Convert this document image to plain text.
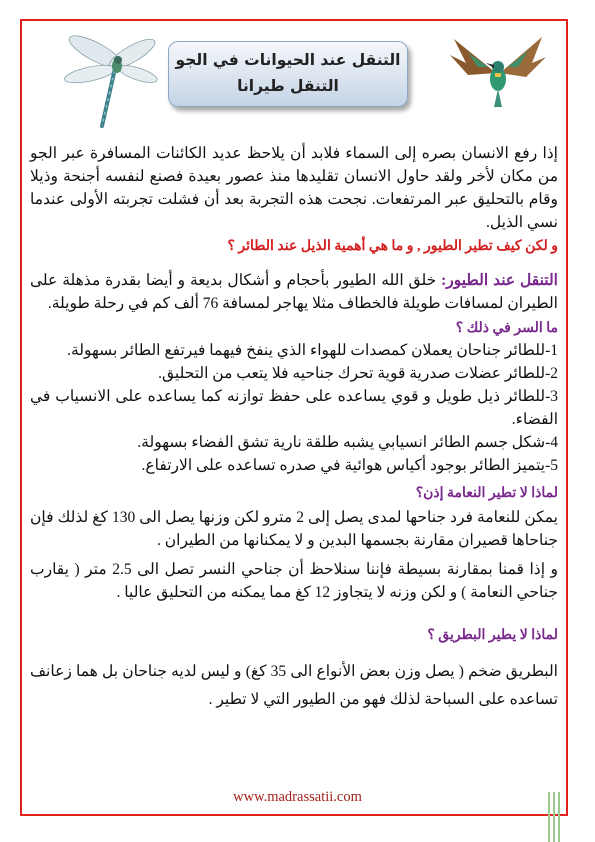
التنقل عند الحيوانات في الجو
التنقل طيرانا
إذا رفع الانسان بصره إلى السماء فلابد أن يلاحظ عديد الكائنات المسافرة عبر الجو من مكان لأخر ولقد حاول الانسان تقليدها منذ عصور بعيدة فصنع لنفسه أجنحة وذيلا وقام بالتحليق عبر المرتفعات. نجحت هذه التجربة بعد أن فشلت تجربته الأولى عندما نسي الذيل.
و لكن كيف تطير الطيور , و ما هي أهمية الذيل عند الطائر ؟
التنقل عند الطيور: خلق الله الطيور بأحجام و أشكال بديعة و أيضا بقدرة مذهلة على الطيران لمسافات طويلة فالخطاف مثلا يهاجر لمسافة 76 ألف كم في رحلة طويلة.
ما السر في ذلك ؟
1-للطائر جناحان يعملان كمصدات للهواء الذي ينفخ فيهما فيرتفع الطائر بسهولة.
2-للطائر عضلات صدرية قوية تحرك جناحيه فلا يتعب من التحليق.
3-للطائر ذيل طويل و قوي يساعده على حفظ توازنه كما يساعده على الانسياب في الفضاء.
4-شكل جسم الطائر انسيابي يشبه طلقة نارية تشق الفضاء بسهولة.
5-يتميز الطائر بوجود أكياس هوائية في صدره تساعده على الارتفاع.
لماذا لا تطير النعامة إذن؟
يمكن للنعامة فرد جناحها لمدى يصل إلى 2 مترو لكن وزنها يصل الى 130 كغ لذلك فإن جناحاها قصيران مقارنة بجسمها البدين و لا يمكنانها من الطيران .
و إذا قمنا بمقارنة بسيطة فإننا سنلاحظ أن جناحي النسر تصل الى 2.5 متر ( يقارب جناحي النعامة ) و لكن وزنه لا يتجاوز 12 كغ مما يمكنه من التحليق عاليا .
لماذا لا يطير البطريق ؟
البطريق ضخم ( يصل وزن بعض الأنواع الى 35 كغ) و ليس لديه جناحان بل هما زعانف تساعده على السباحة لذلك فهو من الطيور التي لا تطير .
www.madrassatii.com
